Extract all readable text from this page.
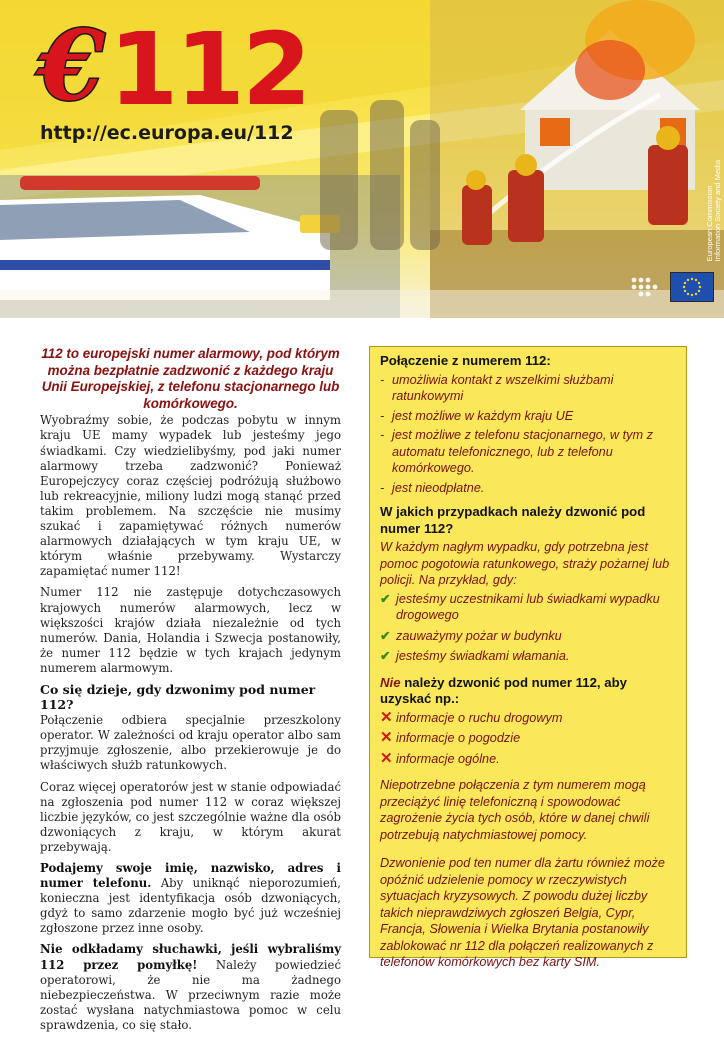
€ 112
http://ec.europa.eu/112
European Commission
Information Society and Media
112 to europejski numer alarmowy, pod którym można bezpłatnie zadzwonić z każdego kraju Unii Europejskiej, z telefonu stacjonarnego lub komórkowego.

Wyobraźmy sobie, że podczas pobytu w innym kraju UE mamy wypadek lub jesteśmy jego świadkami. Czy wiedzielibyśmy, pod jaki numer alarmowy trzeba zadzwonić? Ponieważ Europejczycy coraz częściej podróżują służbowo lub rekreacyjnie, miliony ludzi mogą stanąć przed takim problemem. Na szczęście nie musimy szukać i zapamiętywać różnych numerów alarmowych działających w tym kraju UE, w którym właśnie przebywamy. Wystarczy zapamiętać numer 112!

Numer 112 nie zastępuje dotychczasowych krajowych numerów alarmowych, lecz w większości krajów działa niezależnie od tych numerów. Dania, Holandia i Szwecja postanowiły, że numer 112 będzie w tych krajach jedynym numerem alarmowym.

Co się dzieje, gdy dzwonimy pod numer 112?

Połączenie odbiera specjalnie przeszkolony operator. W zależności od kraju operator albo sam przyjmuje zgłoszenie, albo przekierowuje je do właściwych służb ratunkowych.

Coraz więcej operatorów jest w stanie odpowiadać na zgłoszenia pod numer 112 w coraz większej liczbie języków, co jest szczególnie ważne dla osób dzwoniących z kraju, w którym akurat przebywają.

Podajemy swoje imię, nazwisko, adres i numer telefonu. Aby uniknąć nieporozumień, konieczna jest identyfikacja osób dzwoniących, gdyż to samo zdarzenie mogło być już wcześniej zgłoszone przez inne osoby.

Nie odkładamy słuchawki, jeśli wybraliśmy 112 przez pomyłkę! Należy powiedzieć operatorowi, że nie ma żadnego niebezpieczeństwa. W przeciwnym razie może zostać wysłana natychmiastowa pomoc w celu sprawdzenia, co się stało.

Połączenie z numerem 112:
- umożliwia kontakt z wszelkimi służbami ratunkowymi
- jest możliwe w każdym kraju UE
- jest możliwe z telefonu stacjonarnego, w tym z automatu telefonicznego, lub z telefonu komórkowego.
- jest nieodpłatne.
W jakich przypadkach należy dzwonić pod numer 112?
W każdym nagłym wypadku, gdy potrzebna jest pomoc pogotowia ratunkowego, straży pożarnej lub policji. Na przykład, gdy:
✔ jesteśmy uczestnikami lub świadkami wypadku drogowego
✔ zauważymy pożar w budynku
✔ jesteśmy świadkami włamania.
Nie należy dzwonić pod numer 112, aby uzyskać np.:
✕ informacje o ruchu drogowym
✕ informacje o pogodzie
✕ informacje ogólne.

Niepotrzebne połączenia z tym numerem mogą przeciążyć linię telefoniczną i spowodować zagrożenie życia tych osób, które w danej chwili potrzebują natychmiastowej pomocy.

Dzwonienie pod ten numer dla żartu również może opóźnić udzielenie pomocy w rzeczywistych sytuacjach kryzysowych. Z powodu dużej liczby takich nieprawdziwych zgłoszeń Belgia, Cypr, Francja, Słowenia i Wielka Brytania postanowiły zablokować nr 112 dla połączeń realizowanych z telefonów komórkowych bez karty SIM.
